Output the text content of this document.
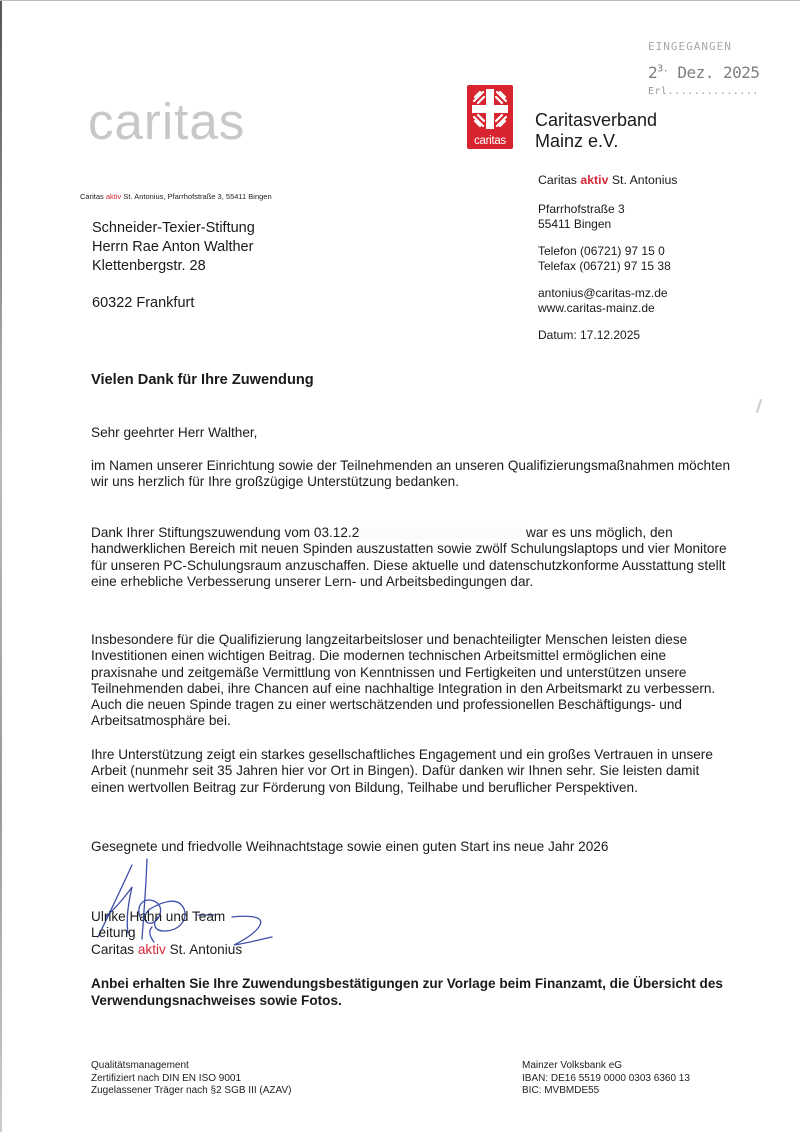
caritas
Caritas aktiv St. Antonius, Pfarrhofstraße 3, 55411 Bingen
caritas
Caritasverband
Mainz e.V.
EINGEGANGEN
$2^{3.}$ Dez. 2025
Erl..............
Caritas aktiv St. Antonius
Pfarrhofstraße 3
55411 Bingen
Telefon (06721) 97 15 0
Telefax (06721) 97 15 38
antonius@caritas-mz.de
www.caritas-mainz.de
Datum: 17.12.2025
Schneider-Texier-Stiftung
Herrn Rae Anton Walther
Klettenbergstr. 28
60322 Frankfurt
Vielen Dank für Ihre Zuwendung
Sehr geehrter Herr Walther,
im Namen unserer Einrichtung sowie der Teilnehmenden an unseren Qualifizierungsmaßnahmen möchten wir uns herzlich für Ihre großzügige Unterstützung bedanken.
Dank Ihrer Stiftungszuwendung vom 03.12.2	war es uns möglich, den handwerklichen Bereich mit neuen Spinden auszustatten sowie zwölf Schulungslaptops und vier Monitore für unseren PC-Schulungsraum anzuschaffen. Diese aktuelle und datenschutzkonforme Ausstattung stellt eine erhebliche Verbesserung unserer Lern- und Arbeitsbedingungen dar.
Insbesondere für die Qualifizierung langzeitarbeitsloser und benachteiligter Menschen leisten diese Investitionen einen wichtigen Beitrag. Die modernen technischen Arbeitsmittel ermöglichen eine praxisnahe und zeitgemäße Vermittlung von Kenntnissen und Fertigkeiten und unterstützen unsere Teilnehmenden dabei, ihre Chancen auf eine nachhaltige Integration in den Arbeitsmarkt zu verbessern. Auch die neuen Spinde tragen zu einer wertschätzenden und professionellen Beschäftigungs- und Arbeitsatmosphäre bei.
Ihre Unterstützung zeigt ein starkes gesellschaftliches Engagement und ein großes Vertrauen in unsere Arbeit (nunmehr seit 35 Jahren hier vor Ort in Bingen). Dafür danken wir Ihnen sehr. Sie leisten damit einen wertvollen Beitrag zur Förderung von Bildung, Teilhabe und beruflicher Perspektiven.
Gesegnete und friedvolle Weihnachtstage sowie einen guten Start ins neue Jahr 2026
Ulrike Hahn und Team
Leitung
Caritas aktiv St. Antonius
Anbei erhalten Sie Ihre Zuwendungsbestätigungen zur Vorlage beim Finanzamt, die Übersicht des Verwendungsnachweises sowie Fotos.
Qualitätsmanagement
Zertifiziert nach DIN EN ISO 9001
Zugelassener Träger nach §2 SGB III (AZAV)
Mainzer Volksbank eG
IBAN: DE16 5519 0000 0303 6360 13
BIC: MVBMDE55
